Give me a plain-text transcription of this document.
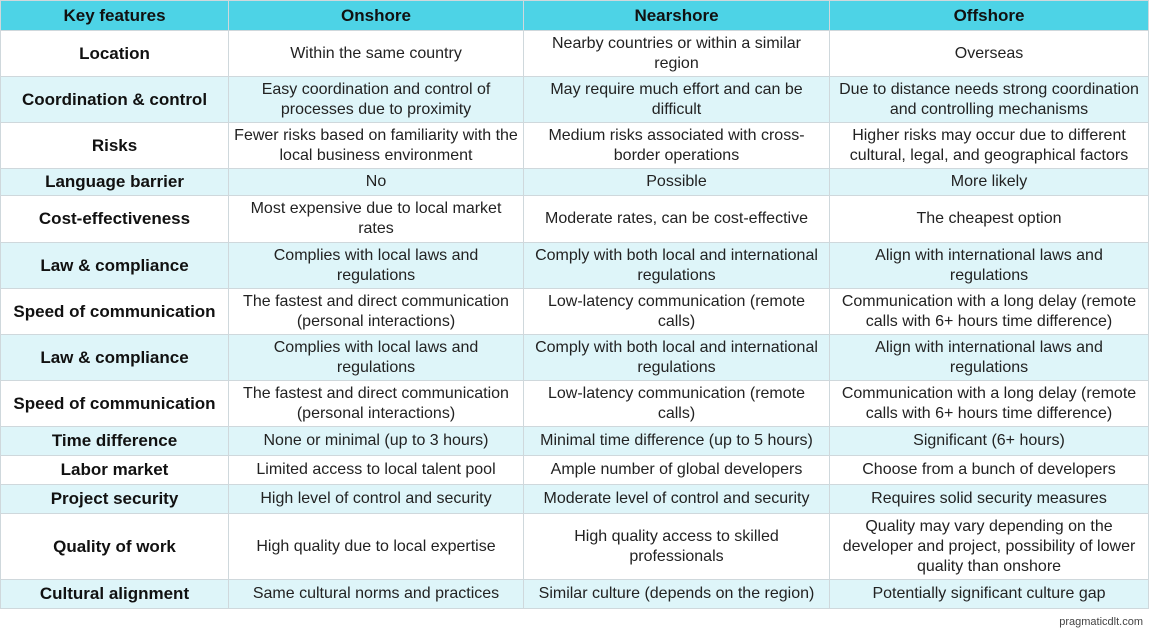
Key features	Onshore	Nearshore	Offshore
Location	Within the same country	Nearby countries or within a similar region	Overseas
Coordination & control	Easy coordination and control of processes due to proximity	May require much effort and can be difficult	Due to distance needs strong coordination and controlling mechanisms
Risks	Fewer risks based on familiarity with the local business environment	Medium risks associated with cross-border operations	Higher risks may occur due to different cultural, legal, and geographical factors
Language barrier	No	Possible	More likely
Cost-effectiveness	Most expensive due to local market rates	Moderate rates, can be cost-effective	The cheapest option
Law & compliance	Complies with local laws and regulations	Comply with both local and international regulations	Align with international laws and regulations
Speed of communication	The fastest and direct communication (personal interactions)	Low-latency communication (remote calls)	Communication with a long delay (remote calls with 6+ hours time difference)
Law & compliance	Complies with local laws and regulations	Comply with both local and international regulations	Align with international laws and regulations
Speed of communication	The fastest and direct communication (personal interactions)	Low-latency communication (remote calls)	Communication with a long delay (remote calls with 6+ hours time difference)
Time difference	None or minimal (up to 3 hours)	Minimal time difference (up to 5 hours)	Significant (6+ hours)
Labor market	Limited access to local talent pool	Ample number of global developers	Choose from a bunch of developers
Project security	High level of control and security	Moderate level of control and security	Requires solid security measures
Quality of work	High quality due to local expertise	High quality access to skilled professionals	Quality may vary depending on the developer and project, possibility of lower quality than onshore
Cultural alignment	Same cultural norms and practices	Similar culture (depends on the region)	Potentially significant culture gap
pragmaticdlt.com
